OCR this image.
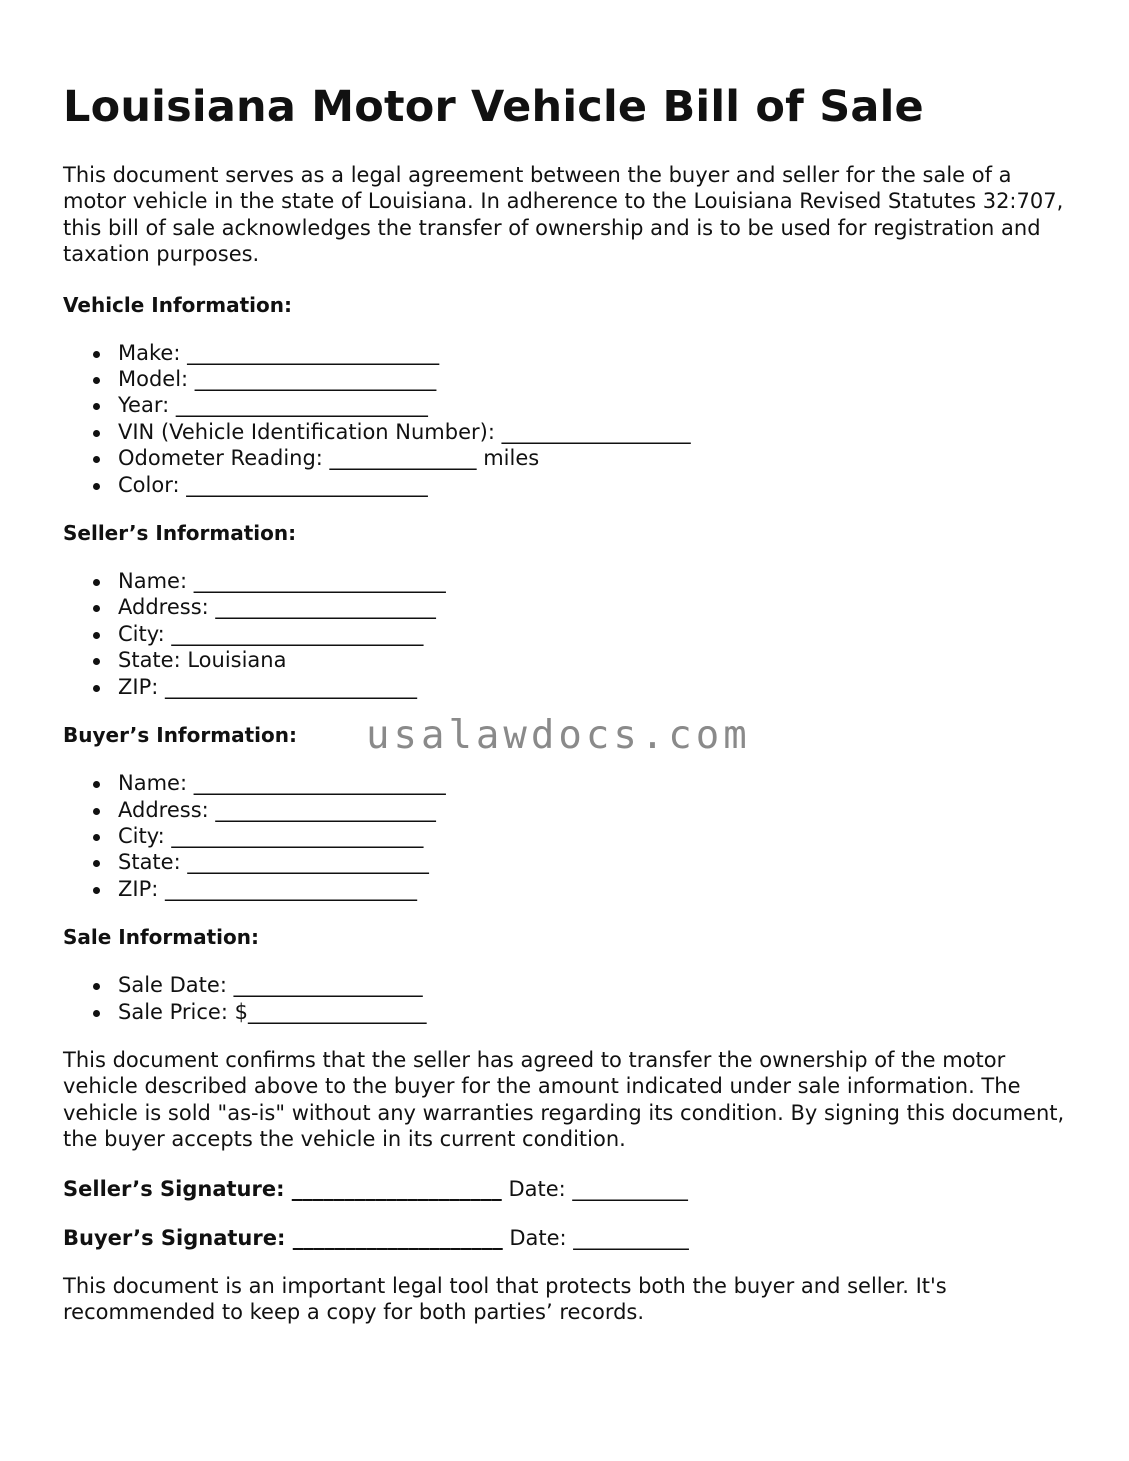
Louisiana Motor Vehicle Bill of Sale

This document serves as a legal agreement between the buyer and seller for the sale of a motor vehicle in the state of Louisiana. In adherence to the Louisiana Revised Statutes 32:707, this bill of sale acknowledges the transfer of ownership and is to be used for registration and taxation purposes.

Vehicle Information:
Make: ________________________
Model: _______________________
Year: ________________________
VIN (Vehicle Identification Number): __________________
Odometer Reading: ______________ miles
Color: _______________________
Seller’s Information:
Name: ________________________
Address: _____________________
City: ________________________
State: Louisiana
ZIP: ________________________
Buyer’s Information:
Name: ________________________
Address: _____________________
City: ________________________
State: _______________________
ZIP: ________________________
Sale Information:
Sale Date: __________________
Sale Price: $_________________

This document confirms that the seller has agreed to transfer the ownership of the motor vehicle described above to the buyer for the amount indicated under sale information. The vehicle is sold "as-is" without any warranties regarding its condition. By signing this document, the buyer accepts the vehicle in its current condition.

Seller’s Signature: ____________________ Date: ___________
Buyer’s Signature: ____________________ Date: ___________

This document is an important legal tool that protects both the buyer and seller. It's recommended to keep a copy for both parties’ records.

usalawdocs.com
